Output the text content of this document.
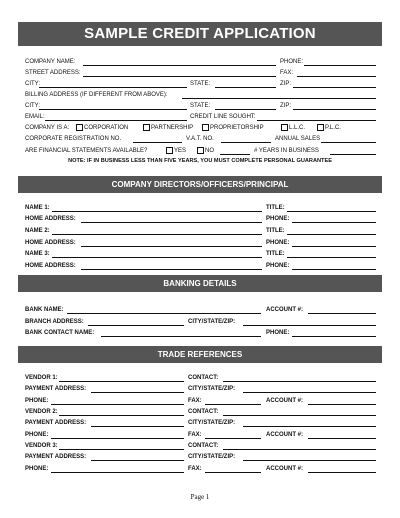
SAMPLE CREDIT APPLICATION
COMPANY NAME:	PHONE:
STREET ADDRESS:	FAX:
CITY:	STATE:	ZIP:
BILLING ADDRESS (IF DIFFERENT FROM ABOVE):
CITY:	STATE:	ZIP:
EMAIL:	CREDIT LINE SOUGHT:
COMPANY IS A:	CORPORATION	PARTNERSHIP	PROPRIETORSHIP	L.L.C.	P.L.C.
CORPORATE REGISTRATION NO.	V.A.T. NO.	ANNUAL SALES
ARE FINANCIAL STATEMENTS AVAILABLE?	YES	NO	# YEARS IN BUSINESS
NOTE: IF IN BUSINESS LESS THAN FIVE YEARS, YOU MUST COMPLETE PERSONAL GUARANTEE
COMPANY DIRECTORS/OFFICERS/PRINCIPAL
NAME 1:	TITLE:
HOME ADDRESS:	PHONE:
NAME 2:	TITLE:
HOME ADDRESS:	PHONE:
NAME 3:	TITLE:
HOME ADDRESS:	PHONE:
BANKING DETAILS
BANK NAME:	ACCOUNT #:
BRANCH ADDRESS:	CITY/STATE/ZIP:
BANK CONTACT NAME:	PHONE:
TRADE REFERENCES
VENDOR 1:	CONTACT:
PAYMENT ADDRESS:	CITY/STATE/ZIP:
PHONE:	FAX:	ACCOUNT #:
VENDOR 2:	CONTACT:
PAYMENT ADDRESS:	CITY/STATE/ZIP:
PHONE:	FAX:	ACCOUNT #:
VENDOR 3:	CONTACT:
PAYMENT ADDRESS:	CITY/STATE/ZIP:
PHONE:	FAX:	ACCOUNT #:
Page 1
